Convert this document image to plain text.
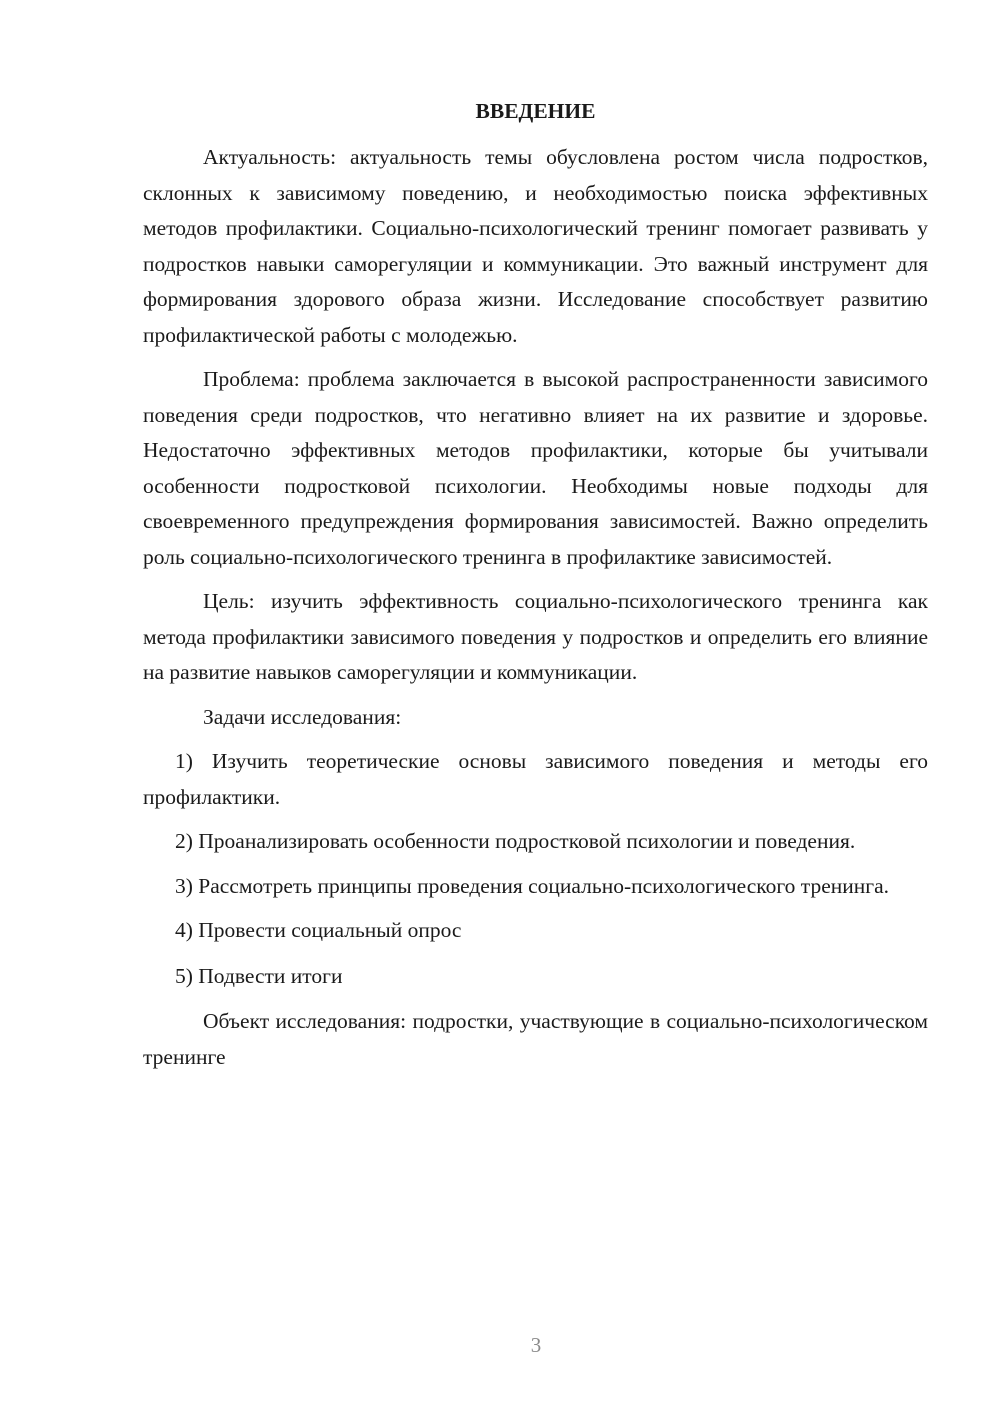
ВВЕДЕНИЕ

Актуальность: актуальность темы обусловлена ростом числа подростков, склонных к зависимому поведению, и необходимостью поиска эффективных методов профилактики. Социально-психологический тренинг помогает развивать у подростков навыки саморегуляции и коммуникации. Это важный инструмент для формирования здорового образа жизни. Исследование способствует развитию профилактической работы с молодежью.

Проблема: проблема заключается в высокой распространенности зависимого поведения среди подростков, что негативно влияет на их развитие и здоровье. Недостаточно эффективных методов профилактики, которые бы учитывали особенности подростковой психологии. Необходимы новые подходы для своевременного предупреждения формирования зависимостей. Важно определить роль социально-психологического тренинга в профилактике зависимостей.

Цель: изучить эффективность социально-психологического тренинга как метода профилактики зависимого поведения у подростков и определить его влияние на развитие навыков саморегуляции и коммуникации.

Задачи исследования:

1) Изучить теоретические основы зависимого поведения и методы его профилактики.

2) Проанализировать особенности подростковой психологии и поведения.

3) Рассмотреть принципы проведения социально-психологического тренинга.

4) Провести социальный опрос

5) Подвести итоги

Объект исследования: подростки, участвующие в социально-психологическом тренинге

3
